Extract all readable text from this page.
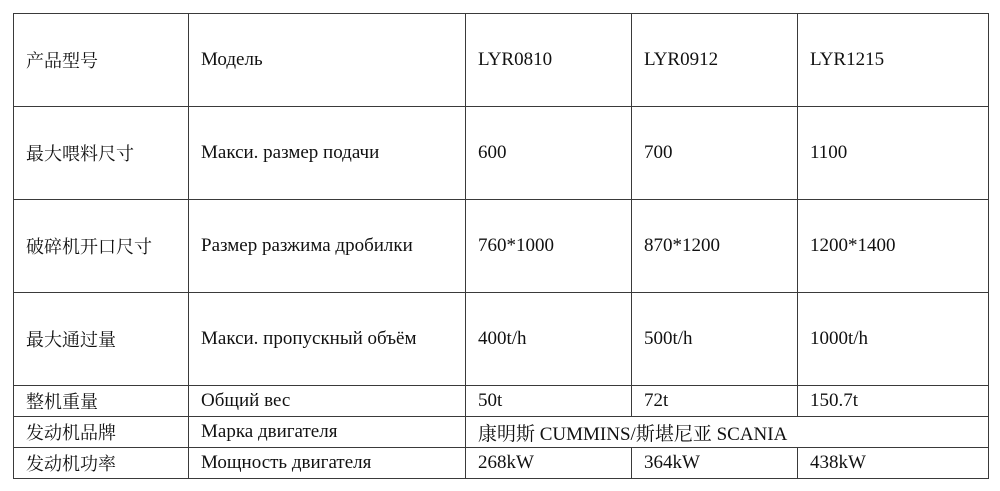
产品型号	Модель	LYR0810	LYR0912	LYR1215
最大喂料尺寸	Макси. размер подачи	600	700	1100
破碎机开口尺寸	Размер разжима дробилки	760*1000	870*1200	1200*1400
最大通过量	Макси. пропускный объём	400t/h	500t/h	1000t/h
整机重量	Общий вес	50t	72t	150.7t
发动机品牌	Марка двигателя	康明斯 CUMMINS/斯堪尼亚 SCANIA		
发动机功率	Мощность двигателя	268kW	364kW	438kW
